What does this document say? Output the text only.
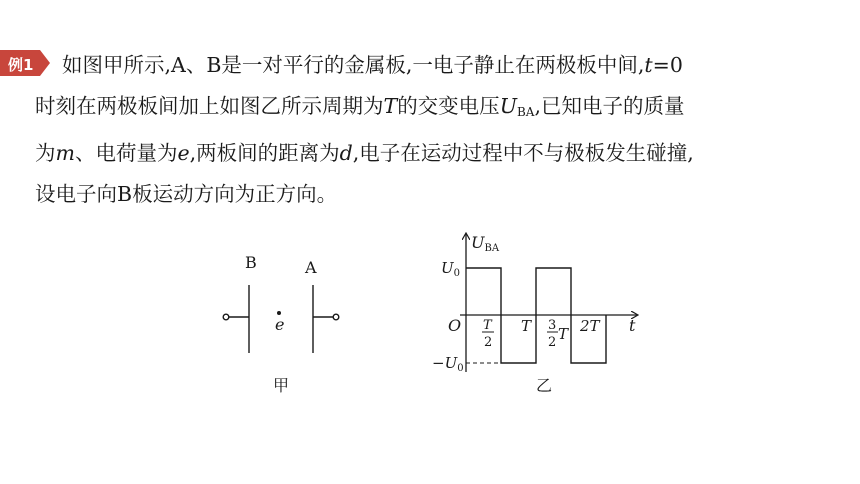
例1 如图甲所示,A、B是一对平行的金属板,一电子静止在两极板中间,t=0
时刻在两极板间加上如图乙所示周期为T的交变电压$U_{BA}$,已知电子的质量
为m、电荷量为e,两板间的距离为d,电子在运动过程中不与极板发生碰撞,
设电子向B板运动方向为正方向。
B	A
e
甲
UBA
$U_0$
$-U_0$
O	t
T
2
T 3
2 T 2T
乙
